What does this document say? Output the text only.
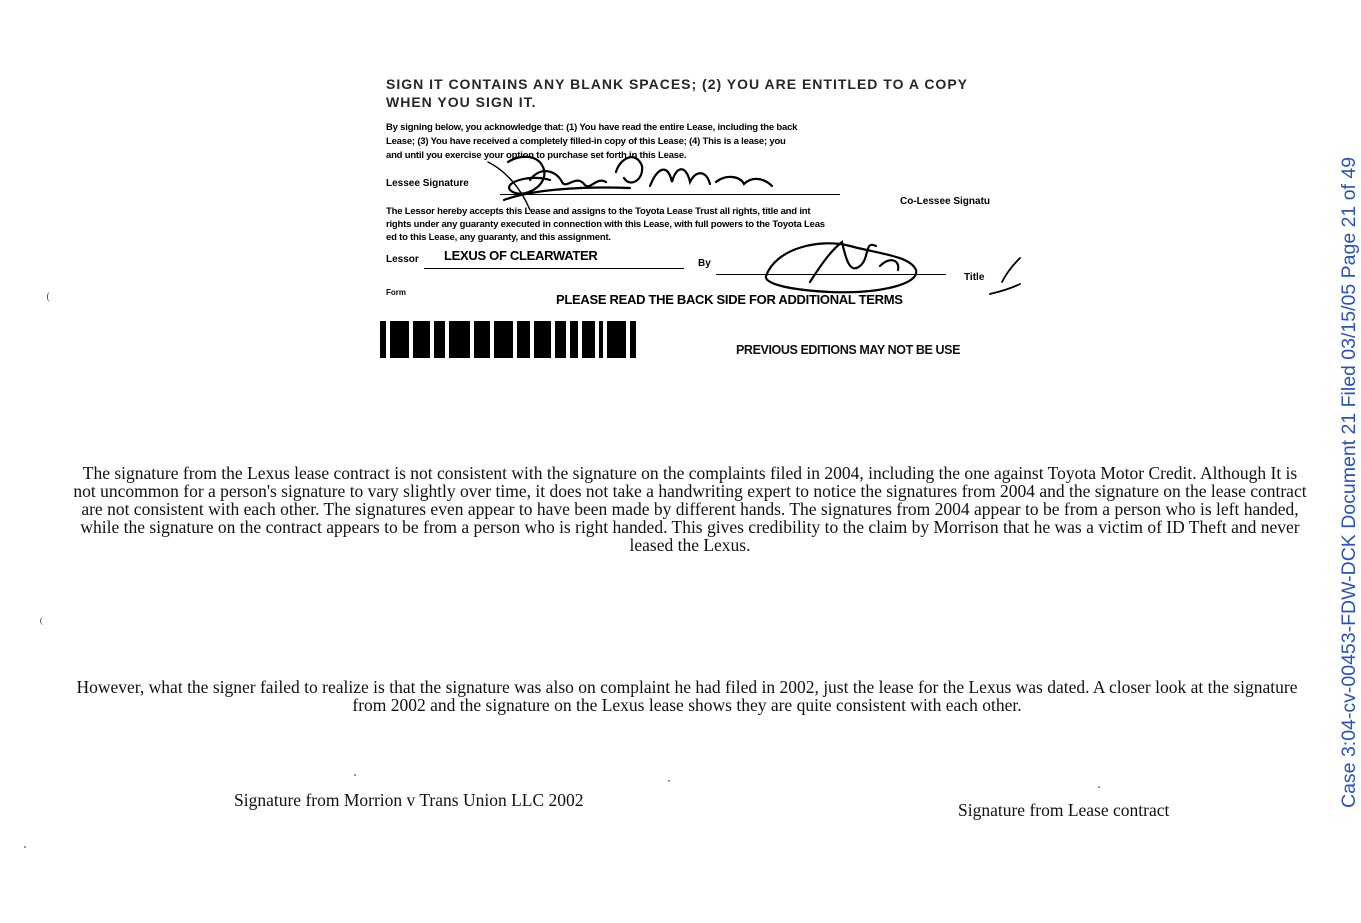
SIGN IT CONTAINS ANY BLANK SPACES; (2) YOU ARE ENTITLED TO A COPY
WHEN YOU SIGN IT.
By signing below, you acknowledge that: (1) You have read the entire Lease, including the back
Lease; (3) You have received a completely filled-in copy of this Lease; (4) This is a lease; you
and until you exercise your option to purchase set forth in this Lease.
Lessee Signature
Co-Lessee Signatu
The Lessor hereby accepts this Lease and assigns to the Toyota Lease Trust all rights, title and int
rights under any guaranty executed in connection with this Lease, with full powers to the Toyota Leas
ed to this Lease, any guaranty, and this assignment.
Lessor	LEXUS OF CLEARWATER
By
Title
Form	PLEASE READ THE BACK SIDE FOR ADDITIONAL TERMS
PREVIOUS EDITIONS MAY NOT BE USE
The signature from the Lexus lease contract is not consistent with the signature on the complaints filed in 2004, including the one against Toyota Motor Credit. Although It is not uncommon for a person's signature to vary slightly over time, it does not take a handwriting expert to notice the signatures from 2004 and the signature on the lease contract are not consistent with each other. The signatures even appear to have been made by different hands. The signatures from 2004 appear to be from a person who is left handed, while the signature on the contract appears to be from a person who is right handed. This gives credibility to the claim by Morrison that he was a victim of ID Theft and never leased the Lexus.
However, what the signer failed to realize is that the signature was also on complaint he had filed in 2002, just the lease for the Lexus was dated. A closer look at the signature from 2002 and the signature on the Lexus lease shows they are quite consistent with each other.
Signature from Morrion v Trans Union LLC 2002	Signature from Lease contract
Case 3:04-cv-00453-FDW-DCK Document 21 Filed 03/15/05 Page 21 of 49
